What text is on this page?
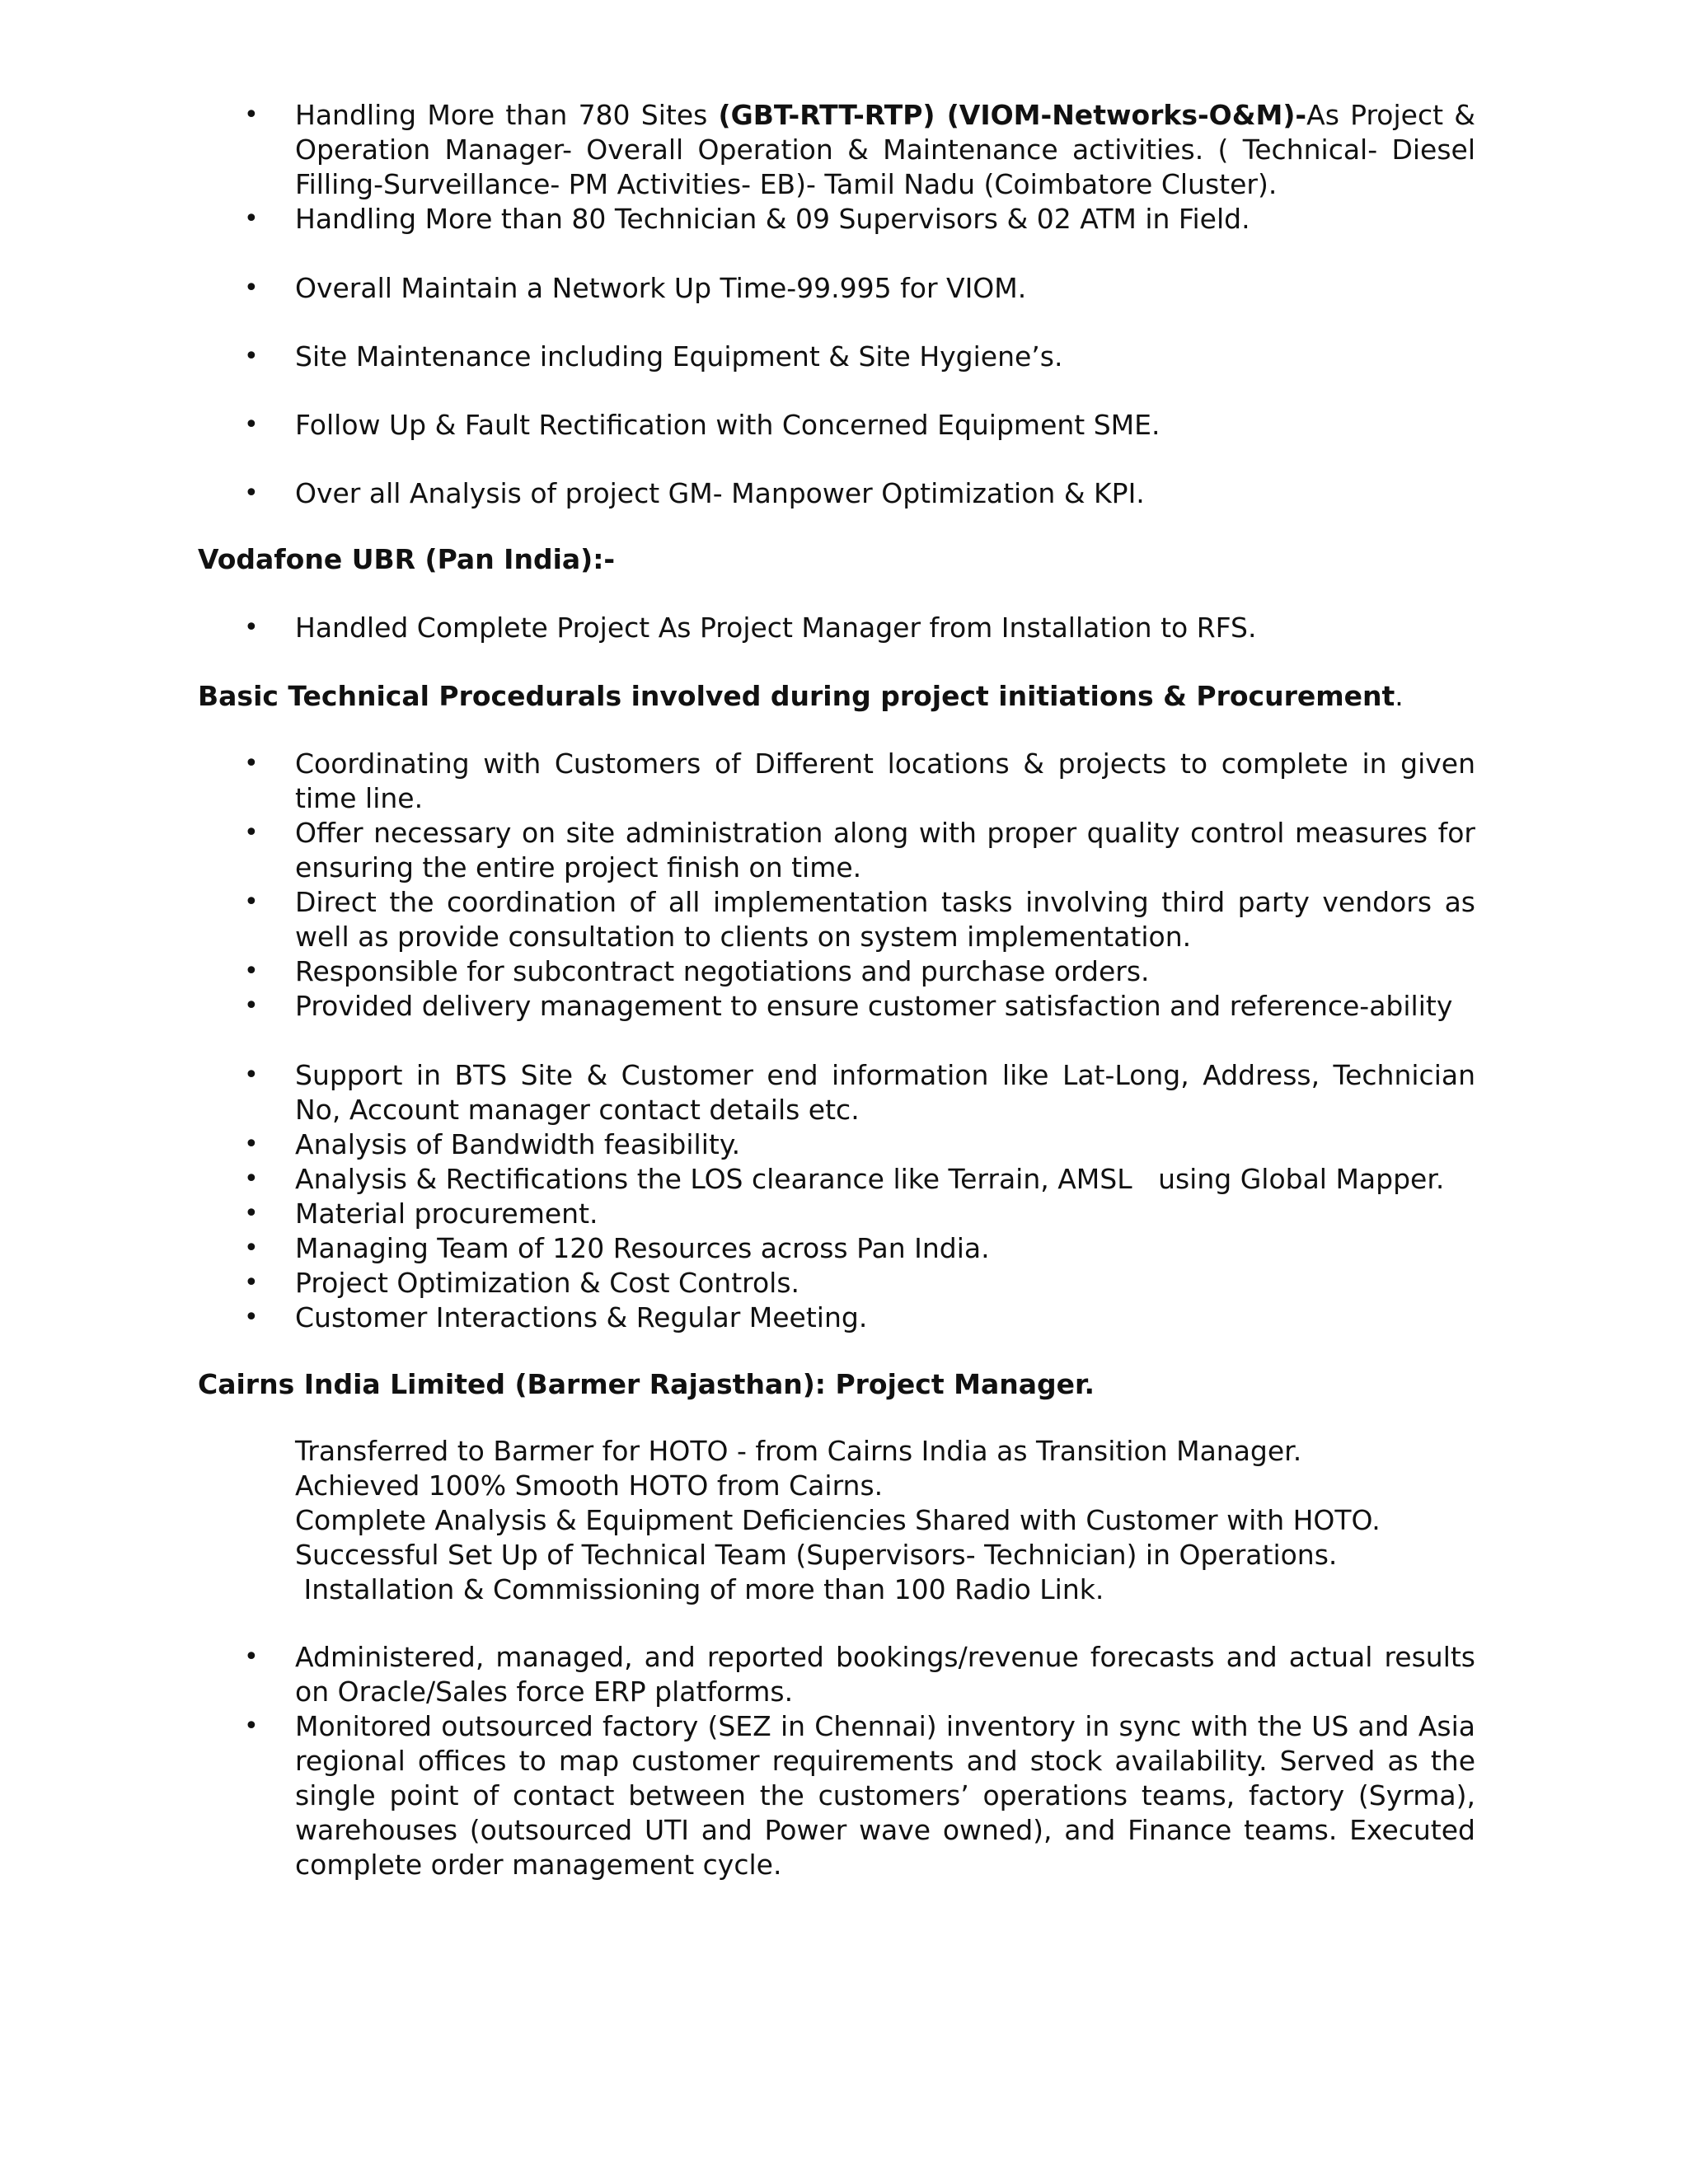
• Handling More than 780 Sites (GBT-RTT-RTP) (VIOM-Networks-O&M)-As Project & Operation Manager- Overall Operation & Maintenance activities. ( Technical- Diesel Filling-Surveillance- PM Activities- EB)- Tamil Nadu (Coimbatore Cluster).
• Handling More than 80 Technician & 09 Supervisors & 02 ATM in Field.
• Overall Maintain a Network Up Time-99.995 for VIOM.
• Site Maintenance including Equipment & Site Hygiene’s.
• Follow Up & Fault Rectification with Concerned Equipment SME.
• Over all Analysis of project GM- Manpower Optimization & KPI.
Vodafone UBR (Pan India):-
• Handled Complete Project As Project Manager from Installation to RFS.
Basic Technical Procedurals involved during project initiations & Procurement.
• Coordinating with Customers of Different locations & projects to complete in given time line.
• Offer necessary on site administration along with proper quality control measures for ensuring the entire project finish on time.
• Direct the coordination of all implementation tasks involving third party vendors as well as provide consultation to clients on system implementation.
• Responsible for subcontract negotiations and purchase orders.
• Provided delivery management to ensure customer satisfaction and reference-ability
• Support in BTS Site & Customer end information like Lat-Long, Address, Technician No, Account manager contact details etc.
• Analysis of Bandwidth feasibility.
• Analysis & Rectifications the LOS clearance like Terrain, AMSL   using Global Mapper.
• Material procurement.
• Managing Team of 120 Resources across Pan India.
• Project Optimization & Cost Controls.
• Customer Interactions & Regular Meeting.
Cairns India Limited (Barmer Rajasthan): Project Manager.
Transferred to Barmer for HOTO - from Cairns India as Transition Manager.
Achieved 100% Smooth HOTO from Cairns.
Complete Analysis & Equipment Deficiencies Shared with Customer with HOTO.
Successful Set Up of Technical Team (Supervisors- Technician) in Operations.
Installation & Commissioning of more than 100 Radio Link.
• Administered, managed, and reported bookings/revenue forecasts and actual results on Oracle/Sales force ERP platforms.
• Monitored outsourced factory (SEZ in Chennai) inventory in sync with the US and Asia regional offices to map customer requirements and stock availability. Served as the single point of contact between the customers’ operations teams, factory (Syrma), warehouses (outsourced UTI and Power wave owned), and Finance teams. Executed complete order management cycle.
